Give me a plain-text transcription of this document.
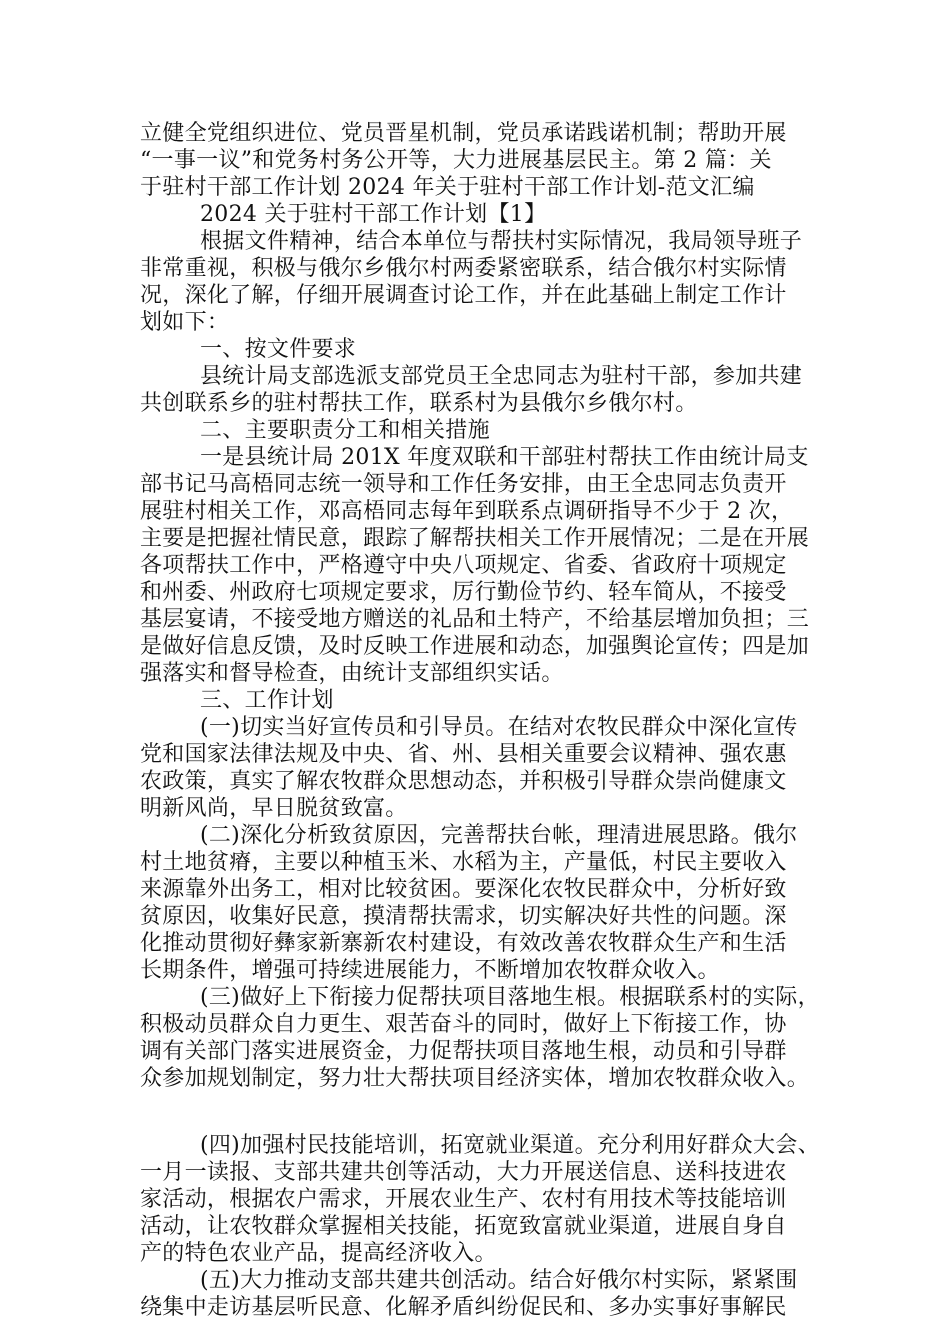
立健全党组织进位、党员晋星机制，党员承诺践诺机制；帮助开展
“一事一议”和党务村务公开等，大力进展基层民主。第 2 篇：关
于驻村干部工作计划 2024 年关于驻村干部工作计划-范文汇编
2024 关于驻村干部工作计划【1】
根据文件精神，结合本单位与帮扶村实际情况，我局领导班子
非常重视，积极与俄尔乡俄尔村两委紧密联系，结合俄尔村实际情
况，深化了解，仔细开展调查讨论工作，并在此基础上制定工作计
划如下：
一、按文件要求
县统计局支部选派支部党员王全忠同志为驻村干部，参加共建
共创联系乡的驻村帮扶工作，联系村为县俄尔乡俄尔村。
二、主要职责分工和相关措施
一是县统计局 201X 年度双联和干部驻村帮扶工作由统计局支
部书记马高梧同志统一领导和工作任务安排，由王全忠同志负责开
展驻村相关工作，邓高梧同志每年到联系点调研指导不少于 2 次，
主要是把握社情民意，跟踪了解帮扶相关工作开展情况；二是在开展
各项帮扶工作中，严格遵守中央八项规定、省委、省政府十项规定
和州委、州政府七项规定要求，厉行勤俭节约、轻车简从，不接受
基层宴请，不接受地方赠送的礼品和土特产，不给基层增加负担；三
是做好信息反馈，及时反映工作进展和动态，加强舆论宣传；四是加
强落实和督导检查，由统计支部组织实话。
三、工作计划
(一)切实当好宣传员和引导员。在结对农牧民群众中深化宣传
党和国家法律法规及中央、省、州、县相关重要会议精神、强农惠
农政策，真实了解农牧群众思想动态，并积极引导群众崇尚健康文
明新风尚，早日脱贫致富。
(二)深化分析致贫原因，完善帮扶台帐，理清进展思路。俄尔
村土地贫瘠，主要以种植玉米、水稻为主，产量低，村民主要收入
来源靠外出务工，相对比较贫困。要深化农牧民群众中，分析好致
贫原因，收集好民意，摸清帮扶需求，切实解决好共性的问题。深
化推动贯彻好彝家新寨新农村建设，有效改善农牧群众生产和生活
长期条件，增强可持续进展能力，不断增加农牧群众收入。
(三)做好上下衔接力促帮扶项目落地生根。根据联系村的实际，
积极动员群众自力更生、艰苦奋斗的同时，做好上下衔接工作，协
调有关部门落实进展资金，力促帮扶项目落地生根，动员和引导群
众参加规划制定，努力壮大帮扶项目经济实体，增加农牧群众收入。
(四)加强村民技能培训，拓宽就业渠道。充分利用好群众大会、
一月一读报、支部共建共创等活动，大力开展送信息、送科技进农
家活动，根据农户需求，开展农业生产、农村有用技术等技能培训
活动，让农牧群众掌握相关技能，拓宽致富就业渠道，进展自身自
产的特色农业产品，提高经济收入。
(五)大力推动支部共建共创活动。结合好俄尔村实际，紧紧围
绕集中走访基层听民意、化解矛盾纠纷促民和、多办实事好事解民
